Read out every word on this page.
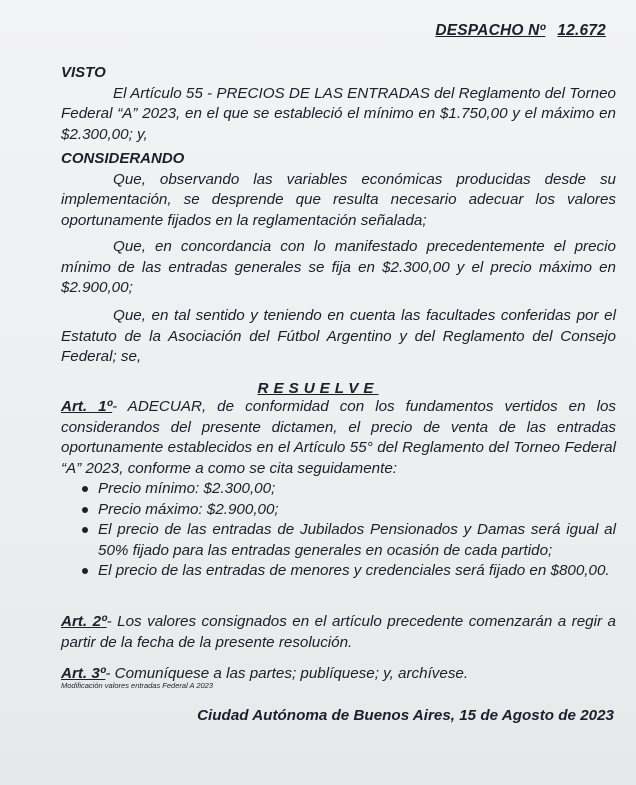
DESPACHO Nº 12.672
VISTO
El Artículo 55 - PRECIOS DE LAS ENTRADAS del Reglamento del Torneo Federal “A” 2023, en el que se estableció el mínimo en $1.750,00 y el máximo en $2.300,00; y,
CONSIDERANDO
Que, observando las variables económicas producidas desde su implementación, se desprende que resulta necesario adecuar los valores oportunamente fijados en la reglamentación señalada;
Que, en concordancia con lo manifestado precedentemente el precio mínimo de las entradas generales se fija en $2.300,00 y el precio máximo en $2.900,00;
Que, en tal sentido y teniendo en cuenta las facultades conferidas por el Estatuto de la Asociación del Fútbol Argentino y del Reglamento del Consejo Federal; se,
RESUELVE
Art. 1º- ADECUAR, de conformidad con los fundamentos vertidos en los considerandos del presente dictamen, el precio de venta de las entradas oportunamente establecidos en el Artículo 55° del Reglamento del Torneo Federal “A” 2023, conforme a como se cita seguidamente:
Precio mínimo: $2.300,00;
Precio máximo: $2.900,00;
El precio de las entradas de Jubilados Pensionados y Damas será igual al 50% fijado para las entradas generales en ocasión de cada partido;
El precio de las entradas de menores y credenciales será fijado en $800,00.
Art. 2º- Los valores consignados en el artículo precedente comenzarán a regir a partir de la fecha de la presente resolución.
Art. 3º- Comuníquese a las partes; publíquese; y, archívese.
Modificación valores entradas Federal A 2023
Ciudad Autónoma de Buenos Aires, 15 de Agosto de 2023
